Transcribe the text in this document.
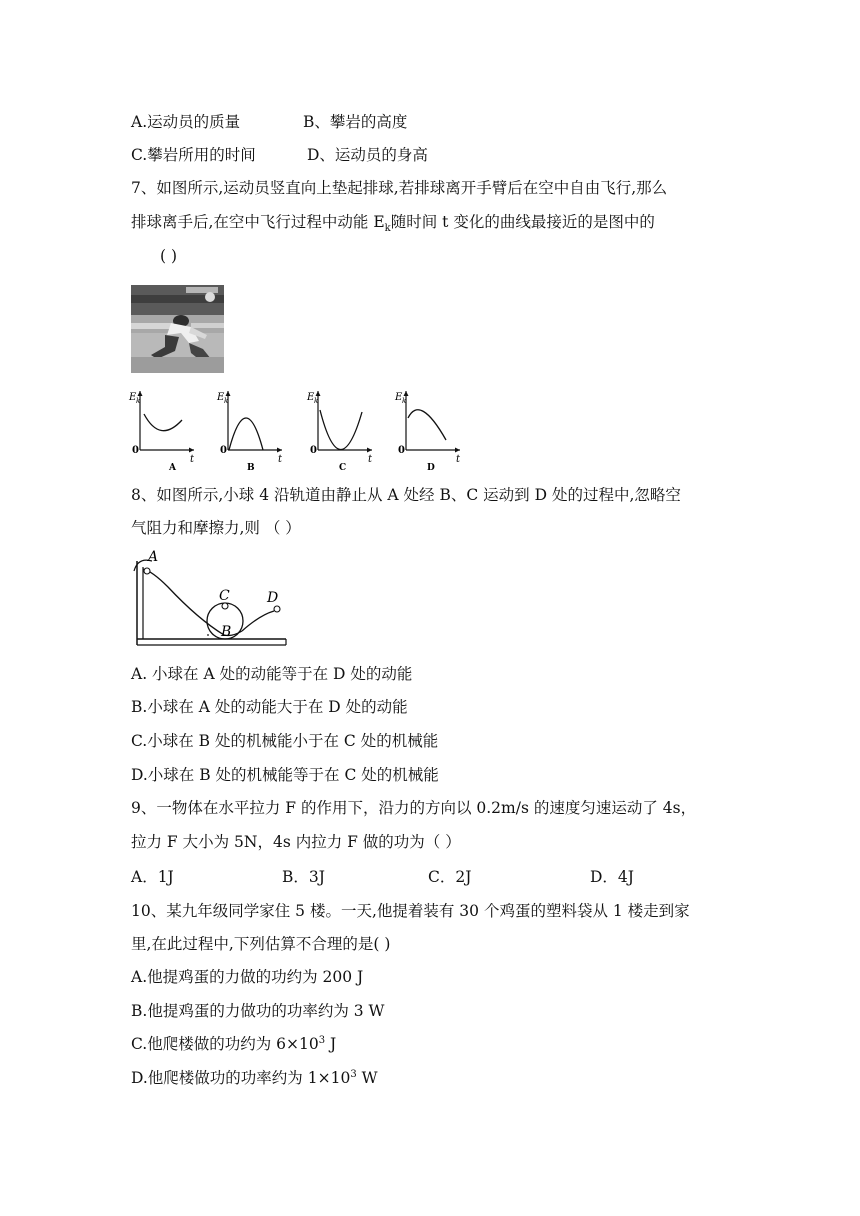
A.运动员的质量	B、攀岩的高度
C.攀岩所用的时间	D、运动员的身高
7、如图所示,运动员竖直向上垫起排球,若排球离开手臂后在空中自由飞行,那么
排球离手后,在空中飞行过程中动能 $E_k$随时间 t 变化的曲线最接近的是图中的
( )
E k
0
t
A
E k
0
t
B
E k
0
t
C
E k
0
t
D
8、如图所示,小球 4 沿轨道由静止从 A 处经 B、C 运动到 D 处的过程中,忽略空
气阻力和摩擦力,则 （ ）
A
C
B
D
A. 小球在 A 处的动能等于在 D 处的动能
B.小球在 A 处的动能大于在 D 处的动能
C.小球在 B 处的机械能小于在 C 处的机械能
D.小球在 B 处的机械能等于在 C 处的机械能
9、一物体在水平拉力 F 的作用下，沿力的方向以 0.2m/s 的速度匀速运动了 4s，
拉力 F 大小为 5N，4s 内拉力 F 做的功为（ ）
A．1J	B．3J	C．2J	D．4J
10、某九年级同学家住 5 楼。一天,他提着装有 30 个鸡蛋的塑料袋从 1 楼走到家
里,在此过程中,下列估算不合理的是( )
A.他提鸡蛋的力做的功约为 200 J
B.他提鸡蛋的力做功的功率约为 3 W
C.他爬楼做的功约为 $6\times 10^3$ J
D.他爬楼做功的功率约为 $1\times 10^3$ W
